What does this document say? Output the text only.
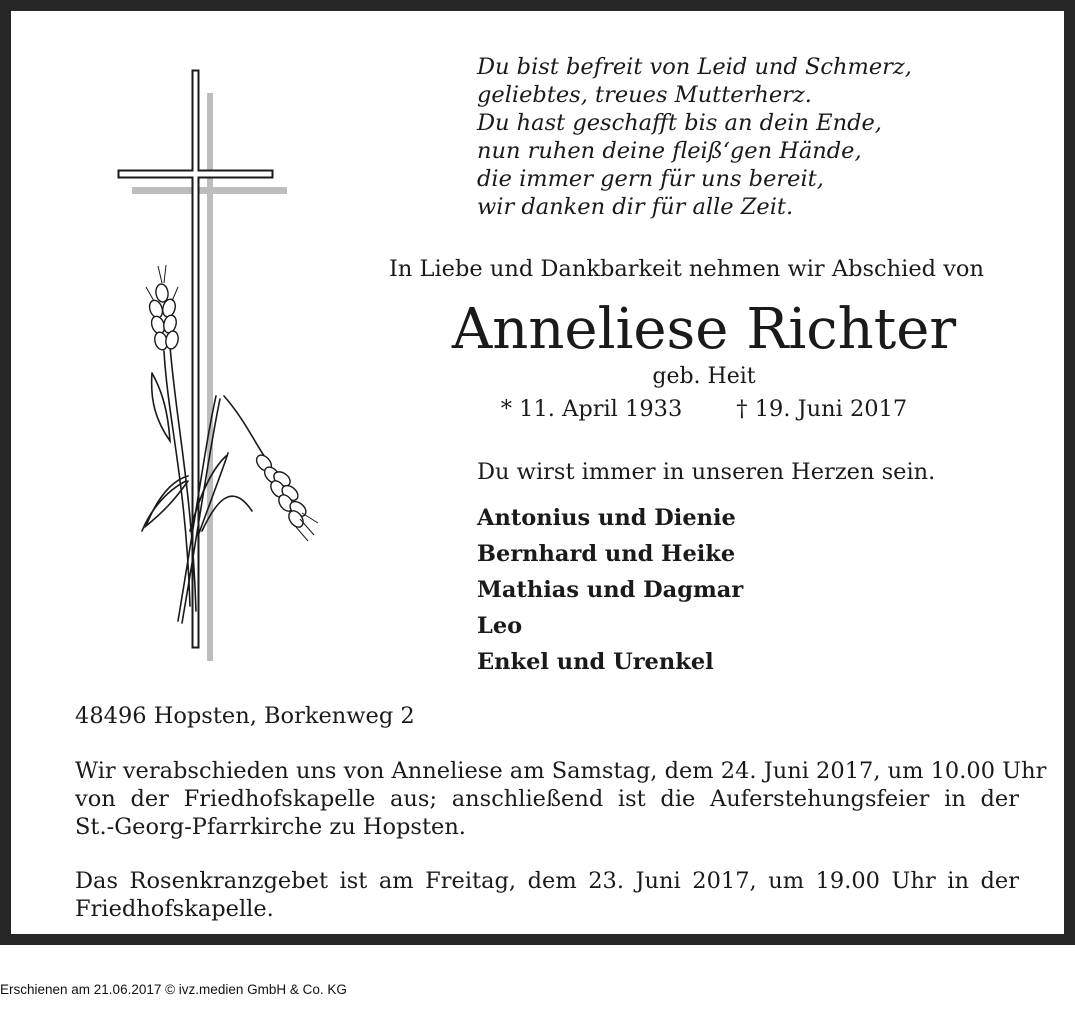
Du bist befreit von Leid und Schmerz,
geliebtes, treues Mutterherz.
Du hast geschafft bis an dein Ende,
nun ruhen deine fleiß‘gen Hände,
die immer gern für uns bereit,
wir danken dir für alle Zeit.
In Liebe und Dankbarkeit nehmen wir Abschied von
Anneliese Richter
geb. Heit
* 11. April 1933 † 19. Juni 2017
Du wirst immer in unseren Herzen sein.
Antonius und Dienie
Bernhard und Heike
Mathias und Dagmar
Leo
Enkel und Urenkel
48496 Hopsten, Borkenweg 2
Wir verabschieden uns von Anneliese am Samstag, dem 24. Juni 2017, um 10.00 Uhr
von der Friedhofskapelle aus; anschließend ist die Auferstehungsfeier in der
St.-Georg-Pfarrkirche zu Hopsten.
Das Rosenkranzgebet ist am Freitag, dem 23. Juni 2017, um 19.00 Uhr in der
Friedhofskapelle.
Erschienen am 21.06.2017 © ivz.medien GmbH & Co. KG
